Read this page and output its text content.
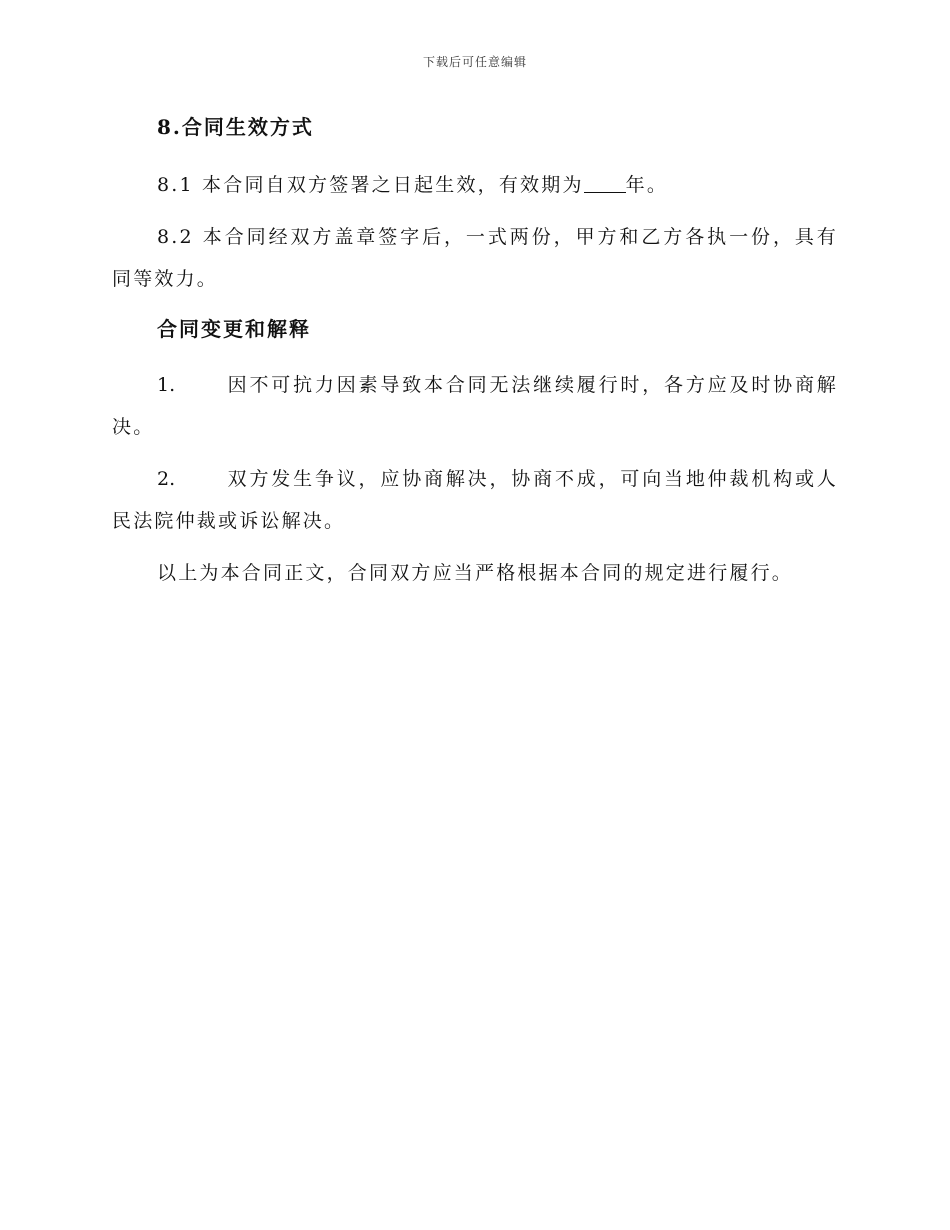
下载后可任意编辑
8.合同生效方式

8.1 本合同自双方签署之日起生效，有效期为 年。

8.2 本合同经双方盖章签字后，一式两份，甲方和乙方各执一份，具有同等效力。

合同变更和解释

1.	因不可抗力因素导致本合同无法继续履行时，各方应及时协商解决。

2.	双方发生争议，应协商解决，协商不成，可向当地仲裁机构或人民法院仲裁或诉讼解决。

以上为本合同正文，合同双方应当严格根据本合同的规定进行履行。
